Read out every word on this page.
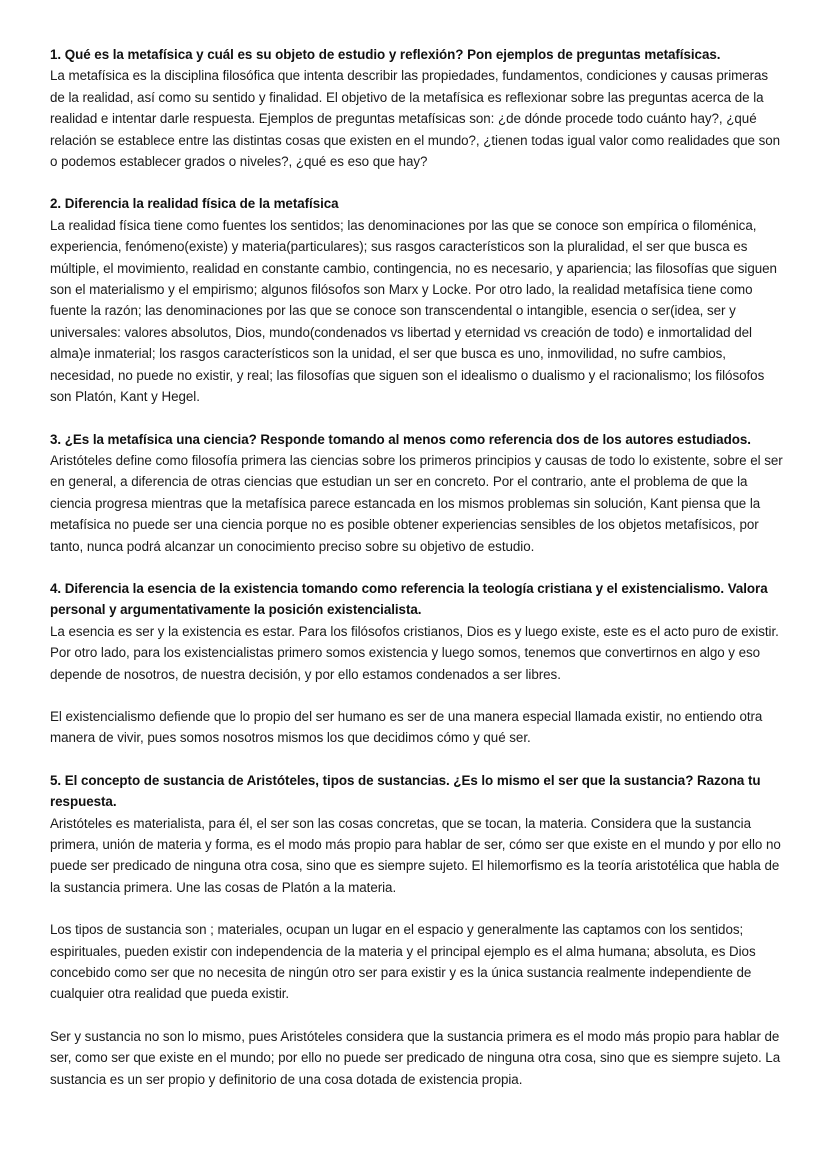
1. Qué es la metafísica y cuál es su objeto de estudio y reflexión? Pon ejemplos de preguntas metafísicas.

La metafísica es la disciplina filosófica que intenta describir las propiedades, fundamentos, condiciones y causas primeras de la realidad, así como su sentido y finalidad. El objetivo de la metafísica es reflexionar sobre las preguntas acerca de la realidad e intentar darle respuesta. Ejemplos de preguntas metafísicas son: ¿de dónde procede todo cuánto hay?, ¿qué relación se establece entre las distintas cosas que existen en el mundo?, ¿tienen todas igual valor como realidades que son o podemos establecer grados o niveles?, ¿qué es eso que hay?

2. Diferencia la realidad física de la metafísica

La realidad física tiene como fuentes los sentidos; las denominaciones por las que se conoce son empírica o filoménica, experiencia, fenómeno(existe) y materia(particulares); sus rasgos característicos son la pluralidad, el ser que busca es múltiple, el movimiento, realidad en constante cambio, contingencia, no es necesario, y apariencia; las filosofías que siguen son el materialismo y el empirismo; algunos filósofos son Marx y Locke. Por otro lado, la realidad metafísica tiene como fuente la razón; las denominaciones por las que se conoce son transcendental o intangible, esencia o ser(idea, ser y universales: valores absolutos, Dios, mundo(condenados vs libertad y eternidad vs creación de todo) e inmortalidad del alma)e inmaterial; los rasgos característicos son la unidad, el ser que busca es uno, inmovilidad, no sufre cambios, necesidad, no puede no existir, y real; las filosofías que siguen son el idealismo o dualismo y el racionalismo; los filósofos son Platón, Kant y Hegel.

3. ¿Es la metafísica una ciencia? Responde tomando al menos como referencia dos de los autores estudiados.

Aristóteles define como filosofía primera las ciencias sobre los primeros principios y causas de todo lo existente, sobre el ser en general, a diferencia de otras ciencias que estudian un ser en concreto. Por el contrario, ante el problema de que la ciencia progresa mientras que la metafísica parece estancada en los mismos problemas sin solución, Kant piensa que la metafísica no puede ser una ciencia porque no es posible obtener experiencias sensibles de los objetos metafísicos, por tanto, nunca podrá alcanzar un conocimiento preciso sobre su objetivo de estudio.

4. Diferencia la esencia de la existencia tomando como referencia la teología cristiana y el existencialismo. Valora personal y argumentativamente la posición existencialista.

La esencia es ser y la existencia es estar. Para los filósofos cristianos, Dios es y luego existe, este es el acto puro de existir. Por otro lado, para los existencialistas primero somos existencia y luego somos, tenemos que convertirnos en algo y eso depende de nosotros, de nuestra decisión, y por ello estamos condenados a ser libres.

El existencialismo defiende que lo propio del ser humano es ser de una manera especial llamada existir, no entiendo otra manera de vivir, pues somos nosotros mismos los que decidimos cómo y qué ser.

5. El concepto de sustancia de Aristóteles, tipos de sustancias. ¿Es lo mismo el ser que la sustancia? Razona tu respuesta.

Aristóteles es materialista, para él, el ser son las cosas concretas, que se tocan, la materia. Considera que la sustancia primera, unión de materia y forma, es el modo más propio para hablar de ser, cómo ser que existe en el mundo y por ello no puede ser predicado de ninguna otra cosa, sino que es siempre sujeto. El hilemorfismo es la teoría aristotélica que habla de la sustancia primera. Une las cosas de Platón a la materia.

Los tipos de sustancia son ; materiales, ocupan un lugar en el espacio y generalmente las captamos con los sentidos; espirituales, pueden existir con independencia de la materia y el principal ejemplo es el alma humana; absoluta, es Dios concebido como ser que no necesita de ningún otro ser para existir y es la única sustancia realmente independiente de cualquier otra realidad que pueda existir.

Ser y sustancia no son lo mismo, pues Aristóteles considera que la sustancia primera es el modo más propio para hablar de ser, como ser que existe en el mundo; por ello no puede ser predicado de ninguna otra cosa, sino que es siempre sujeto. La sustancia es un ser propio y definitorio de una cosa dotada de existencia propia.
